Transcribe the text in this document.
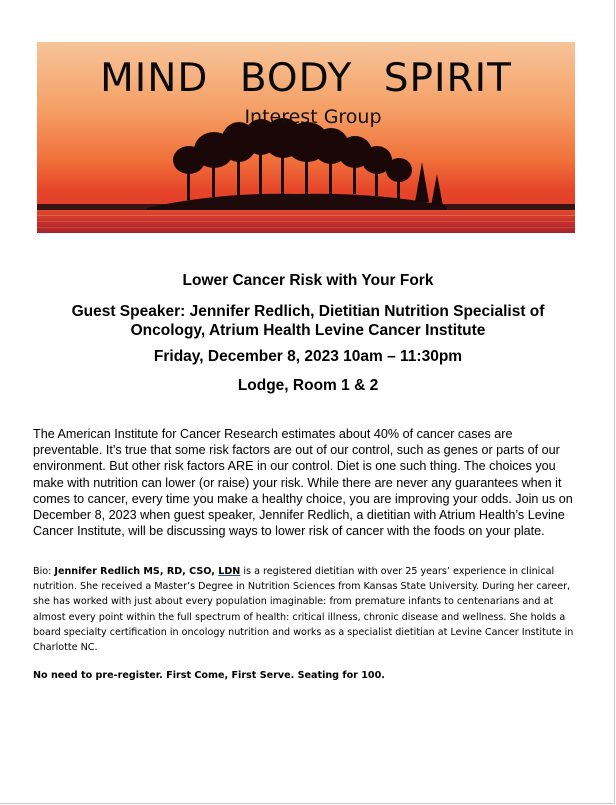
MIND BODY SPIRIT
Interest Group
Lower Cancer Risk with Your Fork
Guest Speaker: Jennifer Redlich, Dietitian Nutrition Specialist of
Oncology, Atrium Health Levine Cancer Institute
Friday, December 8, 2023 10am – 11:30pm
Lodge, Room 1 & 2
The American Institute for Cancer Research estimates about 40% of cancer cases are preventable. It’s true that some risk factors are out of our control, such as genes or parts of our environment. But other risk factors ARE in our control. Diet is one such thing. The choices you make with nutrition can lower (or raise) your risk. While there are never any guarantees when it comes to cancer, every time you make a healthy choice, you are improving your odds. Join us on December 8, 2023 when guest speaker, Jennifer Redlich, a dietitian with Atrium Health’s Levine Cancer Institute, will be discussing ways to lower risk of cancer with the foods on your plate.
Bio: Jennifer Redlich MS, RD, CSO, LDN is a registered dietitian with over 25 years’ experience in clinical nutrition. She received a Master’s Degree in Nutrition Sciences from Kansas State University. During her career, she has worked with just about every population imaginable: from premature infants to centenarians and at almost every point within the full spectrum of health: critical illness, chronic disease and wellness. She holds a board specialty certification in oncology nutrition and works as a specialist dietitian at Levine Cancer Institute in Charlotte NC.
No need to pre-register. First Come, First Serve. Seating for 100.
